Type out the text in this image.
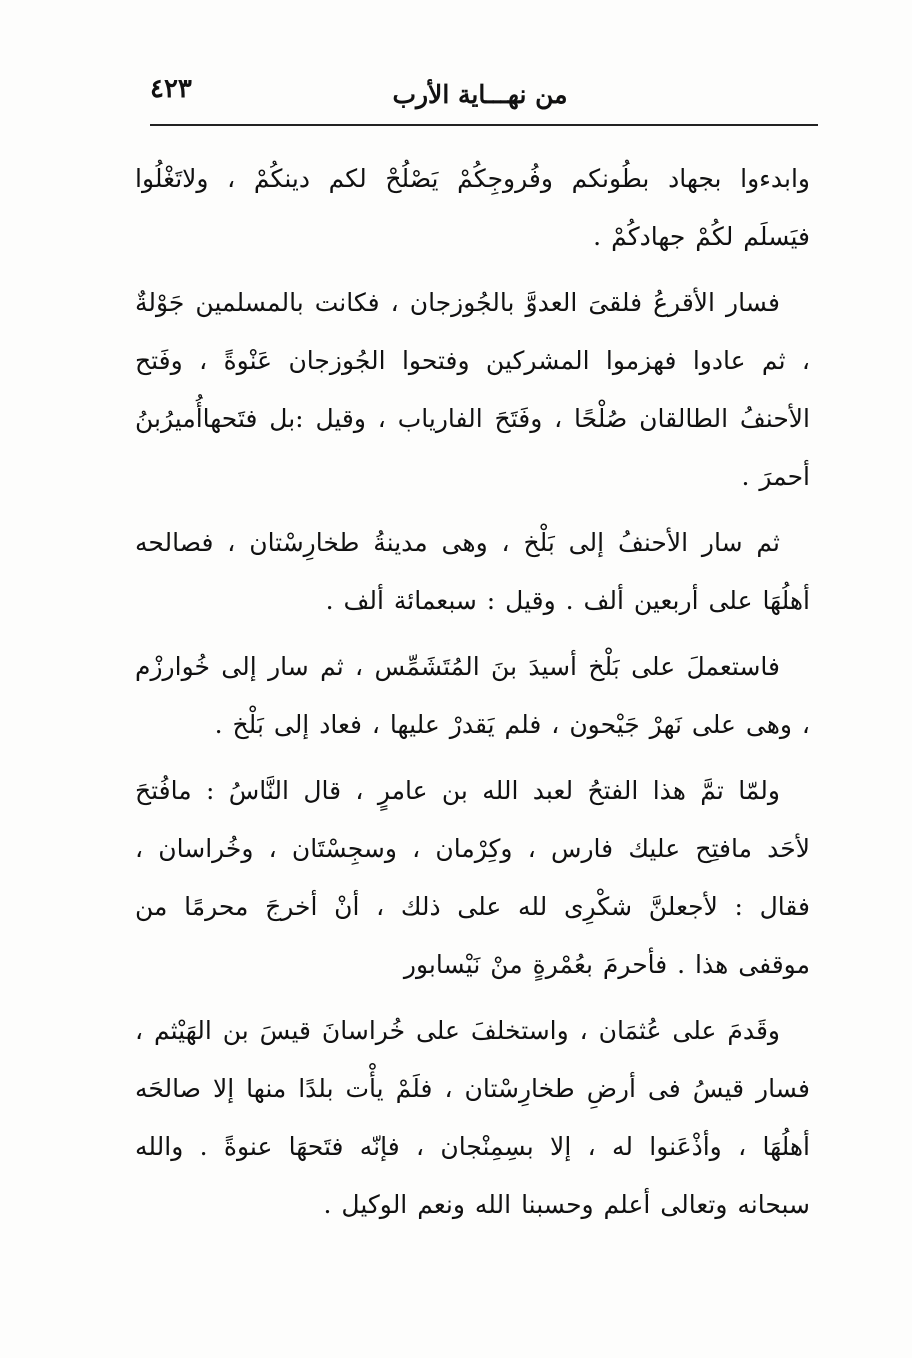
٤٢٣	من نهـــاية الأرب

وابدءوا بجهاد بطُونكم وفُروجِكُمْ يَصْلُحْ لكم دينكُمْ ، ولاتَغْلُوا فيَسلَم لكُمْ جهادكُمْ .

فسار الأقرعُ فلقىَ العدوَّ بالجُوزجان ، فكانت بالمسلمين جَوْلةٌ ، ثم عادوا فهزموا المشركين وفتحوا الجُوزجان عَنْوةً ، وفَتح الأحنفُ الطالقان صُلْحًا ، وفَتَحَ الفارياب ، وقيل :بل فتَحهاأُميرُبنُ أحمرَ .

ثم سار الأحنفُ إلى بَلْخ ، وهى مدينةُ طخارِسْتان ، فصالحه أهلُهَا على أربعين ألف . وقيل : سبعمائة ألف .

فاستعملَ على بَلْخ أسيدَ بنَ المُتَشَمِّس ، ثم سار إلى خُوارزْم ، وهى على نَهرْ جَيْحون ، فلم يَقدرْ عليها ، فعاد إلى بَلْخ .

ولمّا تمَّ هذا الفتحُ لعبد الله بن عامرٍ ، قال النَّاسُ : مافُتحَ لأحَد مافتِح عليك فارس ، وكِرْمان ، وسجِسْتَان ، وخُراسان ، فقال : لأجعلنَّ شكْرِى لله على ذلك ، أنْ أخرجَ محرمًا من موقفى هذا . فأحرمَ بعُمْرةٍ منْ نَيْسابور

وقَدمَ على عُثمَان ، واستخلفَ على خُراسانَ قيسَ بن الهَيْثم ، فسار قيسُ فى أرضِ طخارِسْتان ، فلَمْ يأْت بلدًا منها إلا صالحَه أهلُهَا ، وأذْعَنوا له ، إلا بسِمِنْجان ، فإنّه فتَحهَا عنوةً . والله سبحانه وتعالى أعلم وحسبنا الله ونعم الوكيل .
